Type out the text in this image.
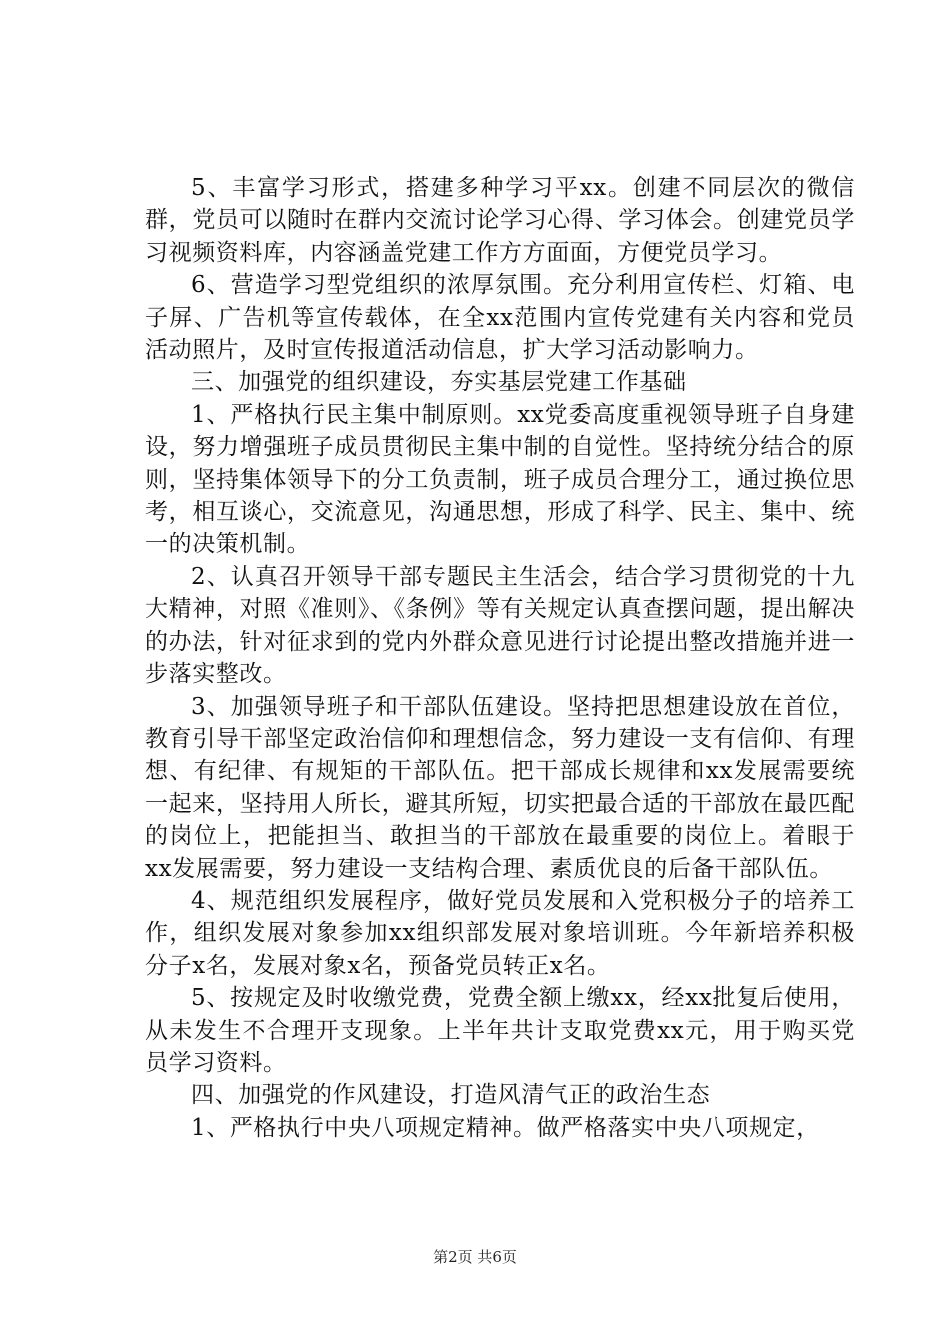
5、丰富学习形式，搭建多种学习平xx。创建不同层次的微信群，党员可以随时在群内交流讨论学习心得、学习体会。创建党员学习视频资料库，内容涵盖党建工作方方面面，方便党员学习。

6、营造学习型党组织的浓厚氛围。充分利用宣传栏、灯箱、电子屏、广告机等宣传载体，在全xx范围内宣传党建有关内容和党员活动照片，及时宣传报道活动信息，扩大学习活动影响力。

三、加强党的组织建设，夯实基层党建工作基础

1、严格执行民主集中制原则。xx党委高度重视领导班子自身建设，努力增强班子成员贯彻民主集中制的自觉性。坚持统分结合的原则，坚持集体领导下的分工负责制，班子成员合理分工，通过换位思考，相互谈心，交流意见，沟通思想，形成了科学、民主、集中、统一的决策机制。

2、认真召开领导干部专题民主生活会，结合学习贯彻党的十九大精神，对照《准则》、《条例》等有关规定认真查摆问题，提出解决的办法，针对征求到的党内外群众意见进行讨论提出整改措施并进一步落实整改。

3、加强领导班子和干部队伍建设。坚持把思想建设放在首位，教育引导干部坚定政治信仰和理想信念，努力建设一支有信仰、有理想、有纪律、有规矩的干部队伍。把干部成长规律和xx发展需要统一起来，坚持用人所长，避其所短，切实把最合适的干部放在最匹配的岗位上，把能担当、敢担当的干部放在最重要的岗位上。着眼于xx发展需要，努力建设一支结构合理、素质优良的后备干部队伍。

4、规范组织发展程序，做好党员发展和入党积极分子的培养工作，组织发展对象参加xx组织部发展对象培训班。今年新培养积极分子x名，发展对象x名，预备党员转正x名。

5、按规定及时收缴党费，党费全额上缴xx，经xx批复后使用，从未发生不合理开支现象。上半年共计支取党费xx元，用于购买党员学习资料。

四、加强党的作风建设，打造风清气正的政治生态

1、严格执行中央八项规定精神。做严格落实中央八项规定，

第2页 共6页
